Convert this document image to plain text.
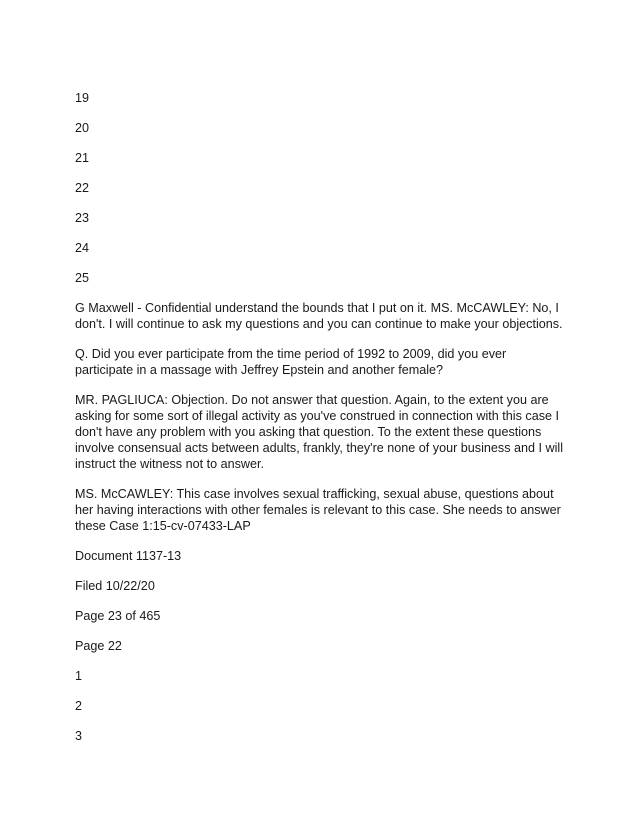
19
20
21
22
23
24
25

G Maxwell - Confidential understand the bounds that I put on it. MS. McCAWLEY: No, I don't. I will continue to ask my questions and you can continue to make your objections.

Q. Did you ever participate from the time period of 1992 to 2009, did you ever participate in a massage with Jeffrey Epstein and another female?

MR. PAGLIUCA: Objection. Do not answer that question. Again, to the extent you are asking for some sort of illegal activity as you've construed in connection with this case I don't have any problem with you asking that question. To the extent these questions involve consensual acts between adults, frankly, they're none of your business and I will instruct the witness not to answer.

MS. McCAWLEY: This case involves sexual trafficking, sexual abuse, questions about her having interactions with other females is relevant to this case. She needs to answer these Case 1:15-cv-07433-LAP

Document 1137-13
Filed 10/22/20
Page 23 of 465
Page 22
1
2
3
